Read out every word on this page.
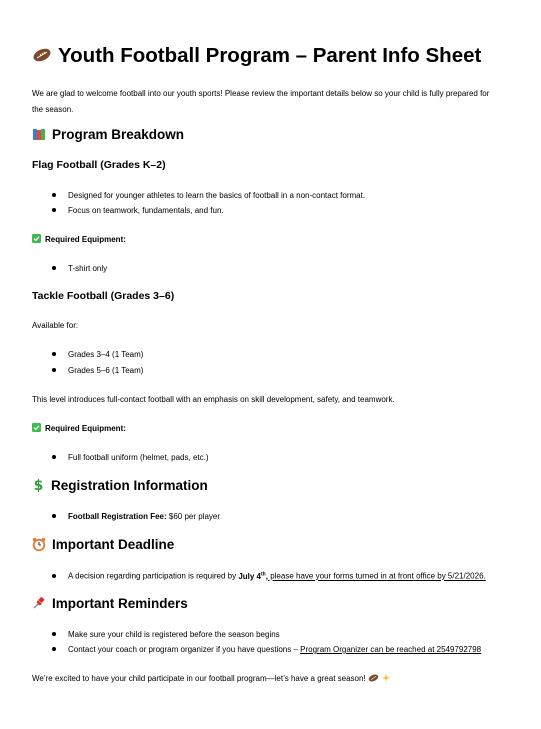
Youth Football Program – Parent Info Sheet
We are glad to welcome football into our youth sports! Please review the important details below so your child is fully prepared for the season.
Program Breakdown
Flag Football (Grades K–2)
Designed for younger athletes to learn the basics of football in a non-contact format.
Focus on teamwork, fundamentals, and fun.
Required Equipment:
T-shirt only
Tackle Football (Grades 3–6)
Available for:
Grades 3–4 (1 Team)
Grades 5–6 (1 Team)
This level introduces full-contact football with an emphasis on skill development, safety, and teamwork.
Required Equipment:
Full football uniform (helmet, pads, etc.)
$ Registration Information
Football Registration Fee: $60 per player
Important Deadline
A decision regarding participation is required by July 4th, please have your forms turned in at front office by 5/21/2026.
Important Reminders
Make sure your child is registered before the season begins
Contact your coach or program organizer if you have questions – Program Organizer can be reached at 2549792798
We’re excited to have your child participate in our football program—let’s have a great season!
